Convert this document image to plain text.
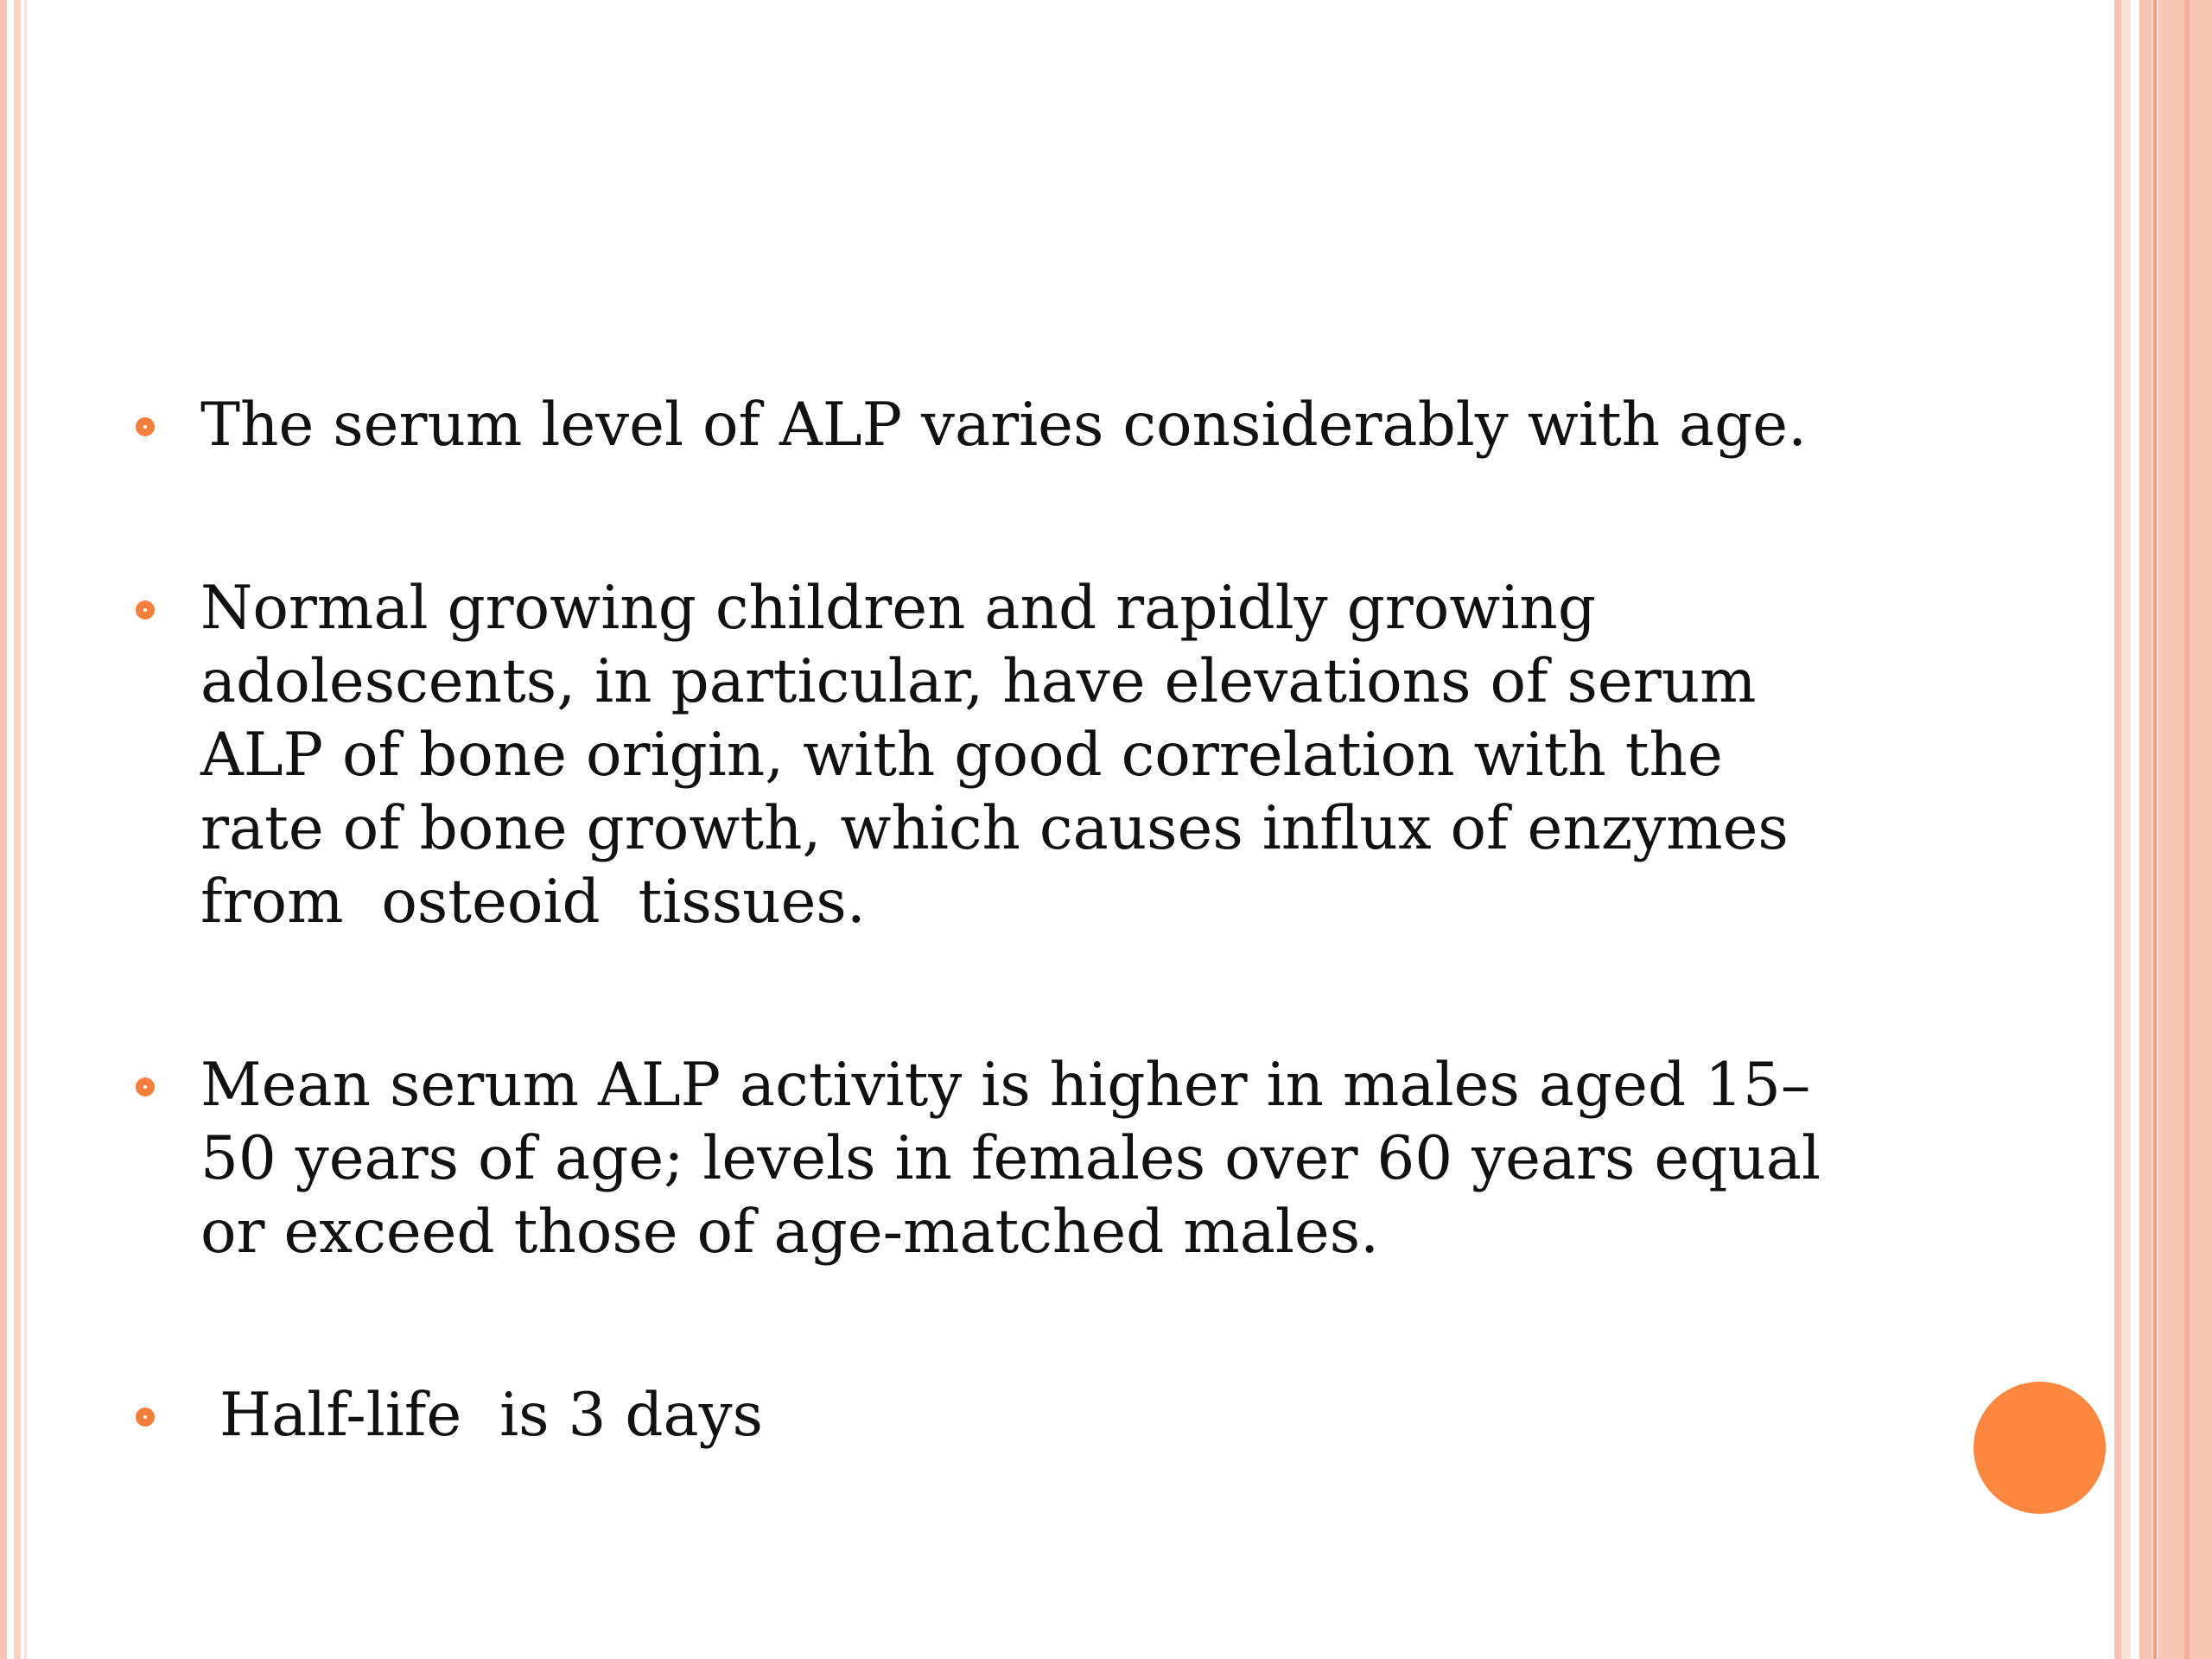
The serum level of ALP varies considerably with age.

Normal growing children and rapidly growing
adolescents, in particular, have elevations of serum
ALP of bone origin, with good correlation with the
rate of bone growth, which causes influx of enzymes
from  osteoid  tissues.

Mean serum ALP activity is higher in males aged 15–
50 years of age; levels in females over 60 years equal
or exceed those of age-matched males.

Half-life  is 3 days
